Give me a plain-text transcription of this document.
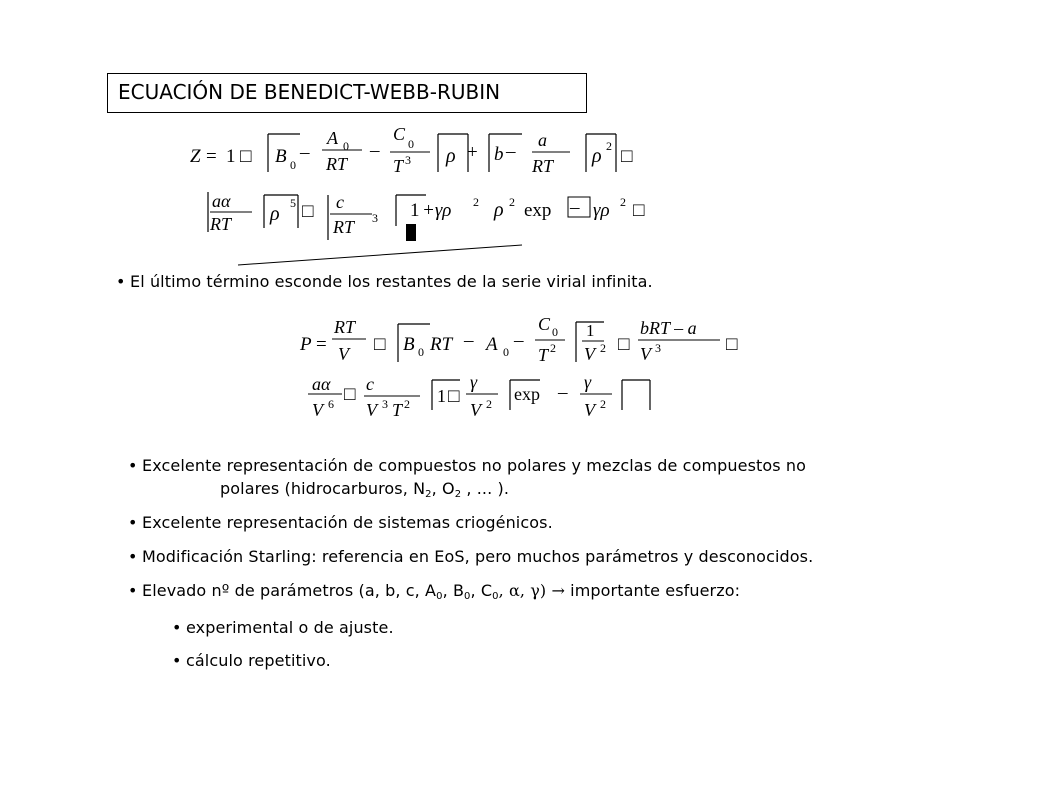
ECUACIÓN DE BENEDICT-WEBB-RUBIN
Z = 1 □ B 0
–
A 0
RT
–
C 0
T 3 ρ + b –
a
RT ρ 2 □
aα
RT ρ 5 □ c
RT 3 1 +γρ 2 ρ 2 exp – γρ 2 □
P =
RT
V □ B 0 RT – A 0
–
C 0
T 2
1
V 2 □
bRT – a
V 3	□
aα
V 6 □ c
V 3 T 2 1 □
γ
V 2 exp – γ
V 2
• El último término esconde los restantes de la serie virial infinita.
• Excelente representación de compuestos no polares y mezclas de compuestos no
polares (hidrocarburos, $N_2$, $O_2$ , ... ).
• Excelente representación de sistemas criogénicos.
• Modificación Starling: referencia en EoS, pero muchos parámetros y desconocidos.
• Elevado nº de parámetros (a, b, c, $A_0$, $B_0$, $C_0$, α, γ) → importante esfuerzo:
• experimental o de ajuste.
• cálculo repetitivo.
